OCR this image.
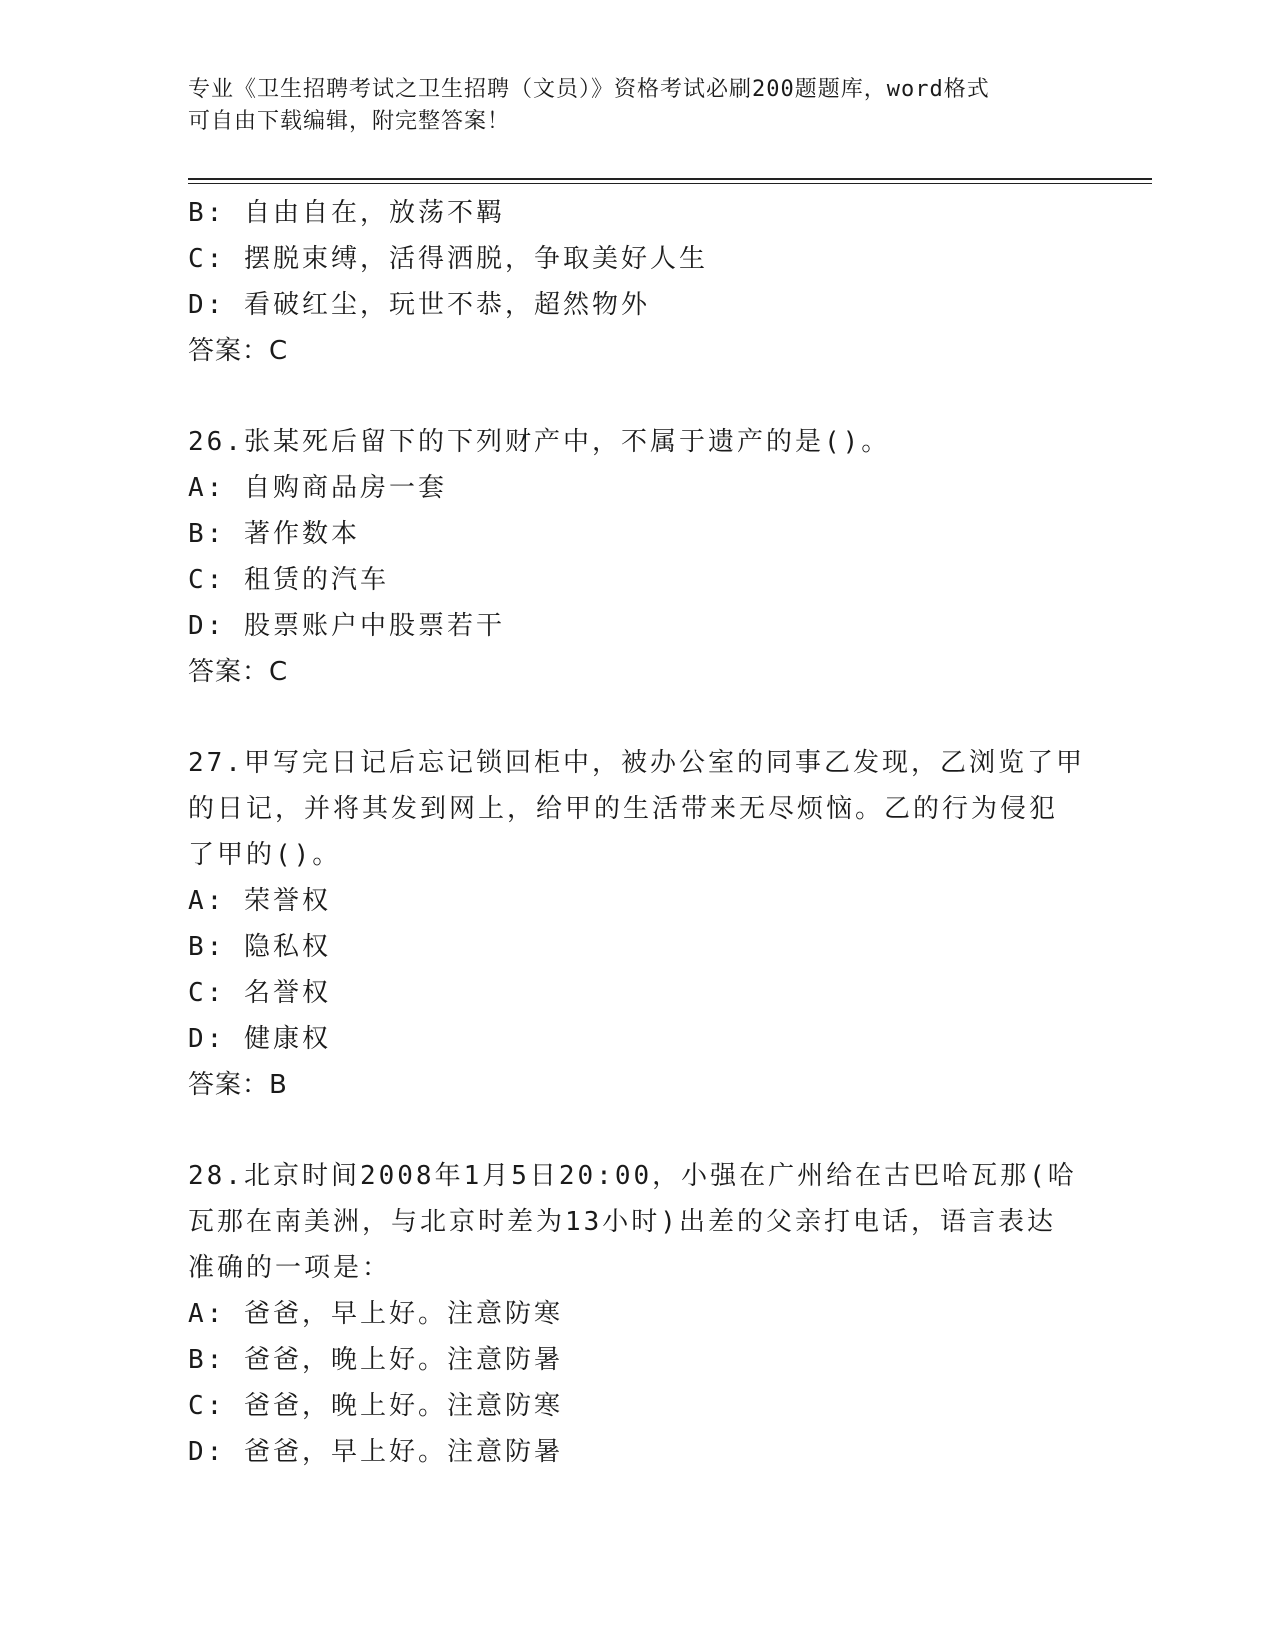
专业《卫生招聘考试之卫生招聘（文员）》资格考试必刷200题题库，word格式
可自由下载编辑，附完整答案！
B: 自由自在，放荡不羁
C: 摆脱束缚，活得洒脱，争取美好人生
D: 看破红尘，玩世不恭，超然物外
答案：C
26.张某死后留下的下列财产中，不属于遗产的是()。
A: 自购商品房一套
B: 著作数本
C: 租赁的汽车
D: 股票账户中股票若干
答案：C
27.甲写完日记后忘记锁回柜中，被办公室的同事乙发现，乙浏览了甲
的日记，并将其发到网上，给甲的生活带来无尽烦恼。乙的行为侵犯
了甲的()。
A: 荣誉权
B: 隐私权
C: 名誉权
D: 健康权
答案：B
28.北京时间2008年1月5日20:00，小强在广州给在古巴哈瓦那(哈
瓦那在南美洲，与北京时差为13小时)出差的父亲打电话，语言表达
准确的一项是：
A: 爸爸，早上好。注意防寒
B: 爸爸，晚上好。注意防暑
C: 爸爸，晚上好。注意防寒
D: 爸爸，早上好。注意防暑
